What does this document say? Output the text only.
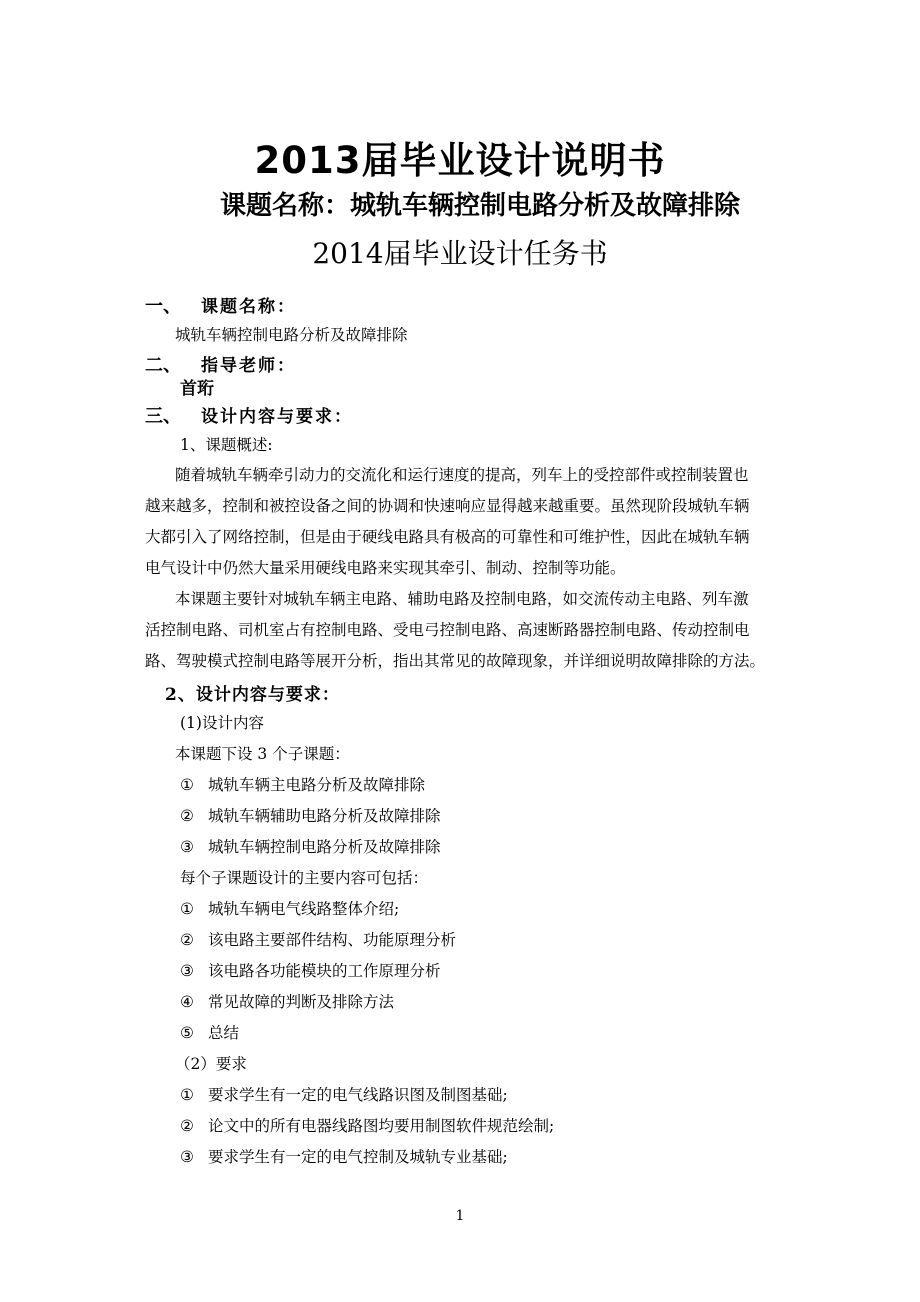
2013届毕业设计说明书
课题名称：城轨车辆控制电路分析及故障排除
2014届毕业设计任务书
一、 课题名称：
城轨车辆控制电路分析及故障排除
二、 指导老师：
首珩
三、 设计内容与要求：
1、课题概述:
随着城轨车辆牵引动力的交流化和运行速度的提高，列车上的受控部件或控制装置也
越来越多，控制和被控设备之间的协调和快速响应显得越来越重要。虽然现阶段城轨车辆
大都引入了网络控制，但是由于硬线电路具有极高的可靠性和可维护性，因此在城轨车辆
电气设计中仍然大量采用硬线电路来实现其牵引、制动、控制等功能。
本课题主要针对城轨车辆主电路、辅助电路及控制电路，如交流传动主电路、列车激
活控制电路、司机室占有控制电路、受电弓控制电路、高速断路器控制电路、传动控制电
路、驾驶模式控制电路等展开分析，指出其常见的故障现象，并详细说明故障排除的方法。
2、设计内容与要求：
(1)设计内容
本课题下设 3 个子课题：
① 城轨车辆主电路分析及故障排除
② 城轨车辆辅助电路分析及故障排除
③ 城轨车辆控制电路分析及故障排除
每个子课题设计的主要内容可包括：
① 城轨车辆电气线路整体介绍;
② 该电路主要部件结构、功能原理分析
③ 该电路各功能模块的工作原理分析
④ 常见故障的判断及排除方法
⑤ 总结
（2）要求
① 要求学生有一定的电气线路识图及制图基础;
② 论文中的所有电器线路图均要用制图软件规范绘制;
③ 要求学生有一定的电气控制及城轨专业基础;
1
